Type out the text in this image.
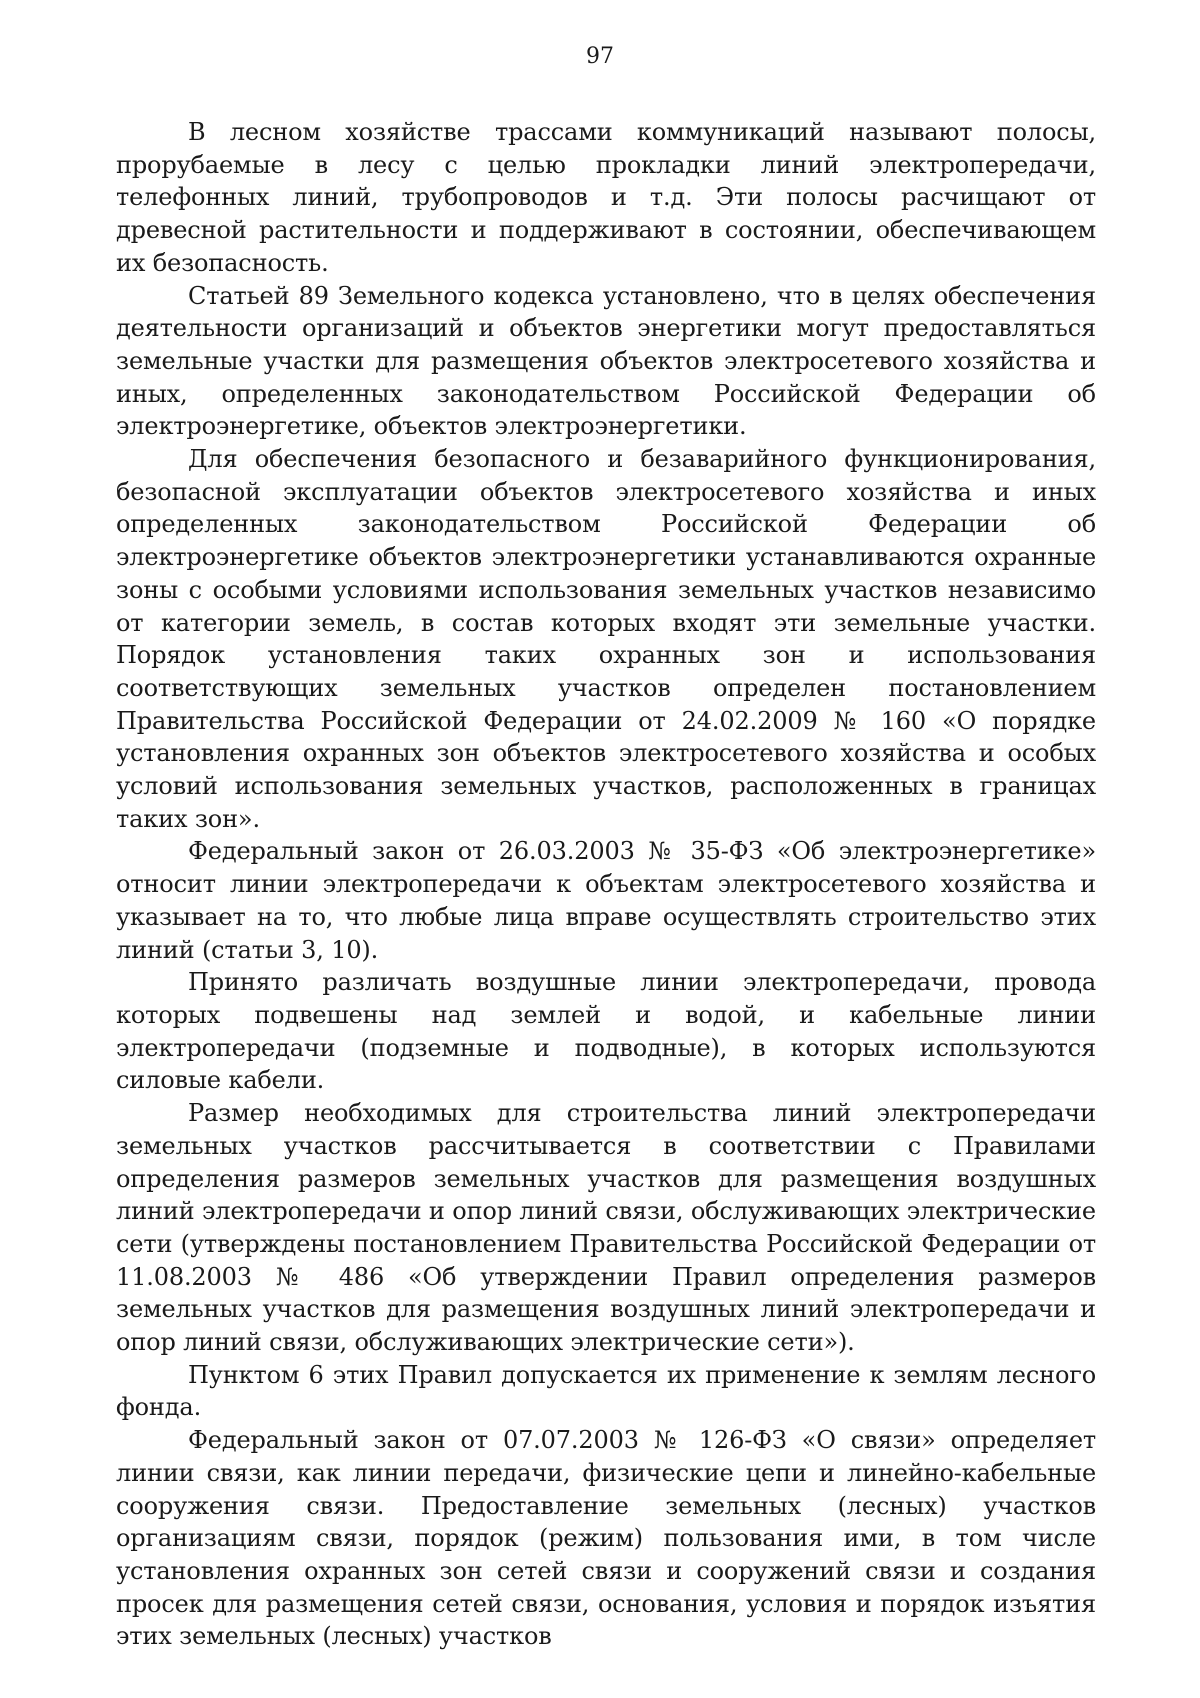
97

В лесном хозяйстве трассами коммуникаций называют полосы, прорубаемые в лесу с целью прокладки линий электропередачи, телефонных линий, трубопроводов и т.д. Эти полосы расчищают от древесной растительности и поддерживают в состоянии, обеспечивающем их безопасность.

Статьей 89 Земельного кодекса установлено, что в целях обеспечения деятельности организаций и объектов энергетики могут предоставляться земельные участки для размещения объектов электросетевого хозяйства и иных, определенных законодательством Российской Федерации об электроэнергетике, объектов электроэнергетики.

Для обеспечения безопасного и безаварийного функционирования, безопасной эксплуатации объектов электросетевого хозяйства и иных определенных законодательством Российской Федерации об электроэнергетике объектов электроэнергетики устанавливаются охранные зоны с особыми условиями использования земельных участков независимо от категории земель, в состав которых входят эти земельные участки. Порядок установления таких охранных зон и использования соответствующих земельных участков определен постановлением Правительства Российской Федерации от 24.02.2009 № 160 «О порядке установления охранных зон объектов электросетевого хозяйства и особых условий использования земельных участков, расположенных в границах таких зон».

Федеральный закон от 26.03.2003 № 35-ФЗ «Об электроэнергетике» относит линии электропередачи к объектам электросетевого хозяйства и указывает на то, что любые лица вправе осуществлять строительство этих линий (статьи 3, 10).

Принято различать воздушные линии электропередачи, провода которых подвешены над землей и водой, и кабельные линии электропередачи (подземные и подводные), в которых используются силовые кабели.

Размер необходимых для строительства линий электропередачи земельных участков рассчитывается в соответствии с Правилами определения размеров земельных участков для размещения воздушных линий электропередачи и опор линий связи, обслуживающих электрические сети (утверждены постановлением Правительства Российской Федерации от 11.08.2003 № 486 «Об утверждении Правил определения размеров земельных участков для размещения воздушных линий электропередачи и опор линий связи, обслуживающих электрические сети»).

Пунктом 6 этих Правил допускается их применение к землям лесного фонда.

Федеральный закон от 07.07.2003 № 126-ФЗ «О связи» определяет линии связи, как линии передачи, физические цепи и линейно-кабельные сооружения связи. Предоставление земельных (лесных) участков организациям связи, порядок (режим) пользования ими, в том числе установления охранных зон сетей связи и сооружений связи и создания просек для размещения сетей связи, основания, условия и порядок изъятия этих земельных (лесных) участков
